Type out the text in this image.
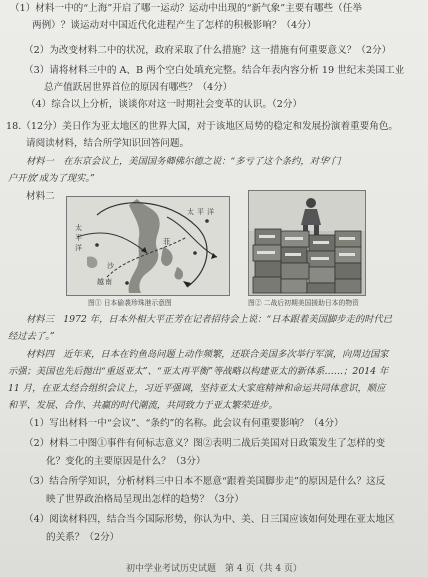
（1）材料一中的“上海”开启了哪一运动？运动中出现的“新气象”主要有哪些（任举
两例）？谈运动对中国近代化进程产生了怎样的积极影响？（4分）
（2）为改变材料二中的状况，政府采取了什么措施？这一措施有何重要意义？（2分）
（3）请将材料三中的 A、B 两个空白处填充完整。结合年表内容分析 19 世纪末美国工业
总产值跃居世界首位的原因有哪些？（4分）
（4）综合以上分析，谈谈你对这一时期社会变革的认识。（2分）
18.（12分）美日作为亚太地区的世界大国，对于该地区局势的稳定和发展扮演着重要角色。
请阅读材料，结合所学知识回答问题。
材料一　在东京会议上，美国国务卿佛尔德之说：“多亏了这个条约，对华‘门
户开放’成为了现实。”
材料二
材料三　1972 年，日本外相大平正芳在记者招待会上说：“日本跟着美国脚步走的时代已
经过去了。”
材料四　近年来，日本在钓鱼岛问题上动作频繁，还联合美国多次举行军演，向周边国家
示强；美国也先后抛出“重返亚太”、“亚太再平衡”等战略以构建亚太的新体系……；2014 年
11 月，在亚太经合组织会议上，习近平强调，坚持亚太大家庭精神和命运共同体意识，顺应
和平、发展、合作、共赢的时代潮流，共同致力于亚太繁荣进步。
（1）写出材料一中“会议”、“条约”的名称。此会议有何重要影响？（4分）
（2）材料二中图①事件有何标志意义？图②表明二战后美国对日政策发生了怎样的变
化？变化的主要原因是什么？（3分）
（3）结合所学知识，分析材料三中日本不愿意“跟着美国脚步走”的原因是什么？这反
映了世界政治格局呈现出怎样的趋势？（3分）
（4）阅读材料四，结合当今国际形势，你认为中、美、日三国应该如何处理在亚太地区
的关系？（2分）
太
平
洋
沙
菲
越 南
太 平 洋
图① 日本偷袭珍珠港示意图	图② 二战后初期美国援助日本的物资
初中学业考试历史试题　第 4 页（共 4 页）
